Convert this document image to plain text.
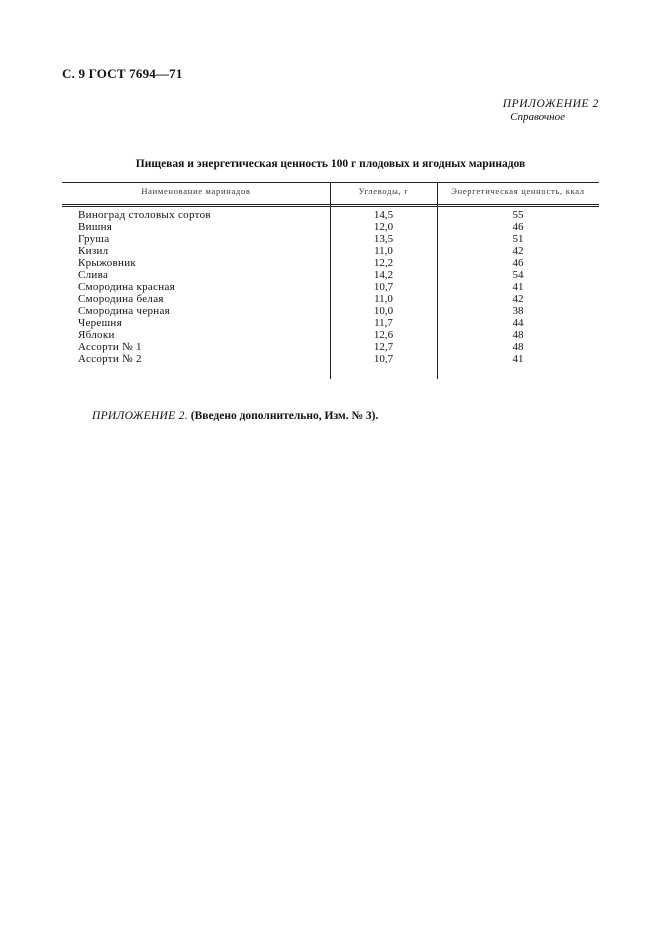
С. 9 ГОСТ 7694—71
ПРИЛОЖЕНИЕ 2
Справочное
Пищевая и энергетическая ценность 100 г плодовых и ягодных маринадов
Наименование маринадов	Углеводы, г	Энергетическая ценность, ккал
Виноград столовых сортов	14,5	55
Вишня	12,0	46
Груша	13,5	51
Кизил	11,0	42
Крыжовник	12,2	46
Слива	14,2	54
Смородина красная	10,7	41
Смородина белая	11,0	42
Смородина черная	10,0	38
Черешня	11,7	44
Яблоки	12,6	48
Ассорти № 1	12,7	48
Ассорти № 2	10,7	41
ПРИЛОЖЕНИЕ 2. (Введено дополнительно, Изм. № 3).
